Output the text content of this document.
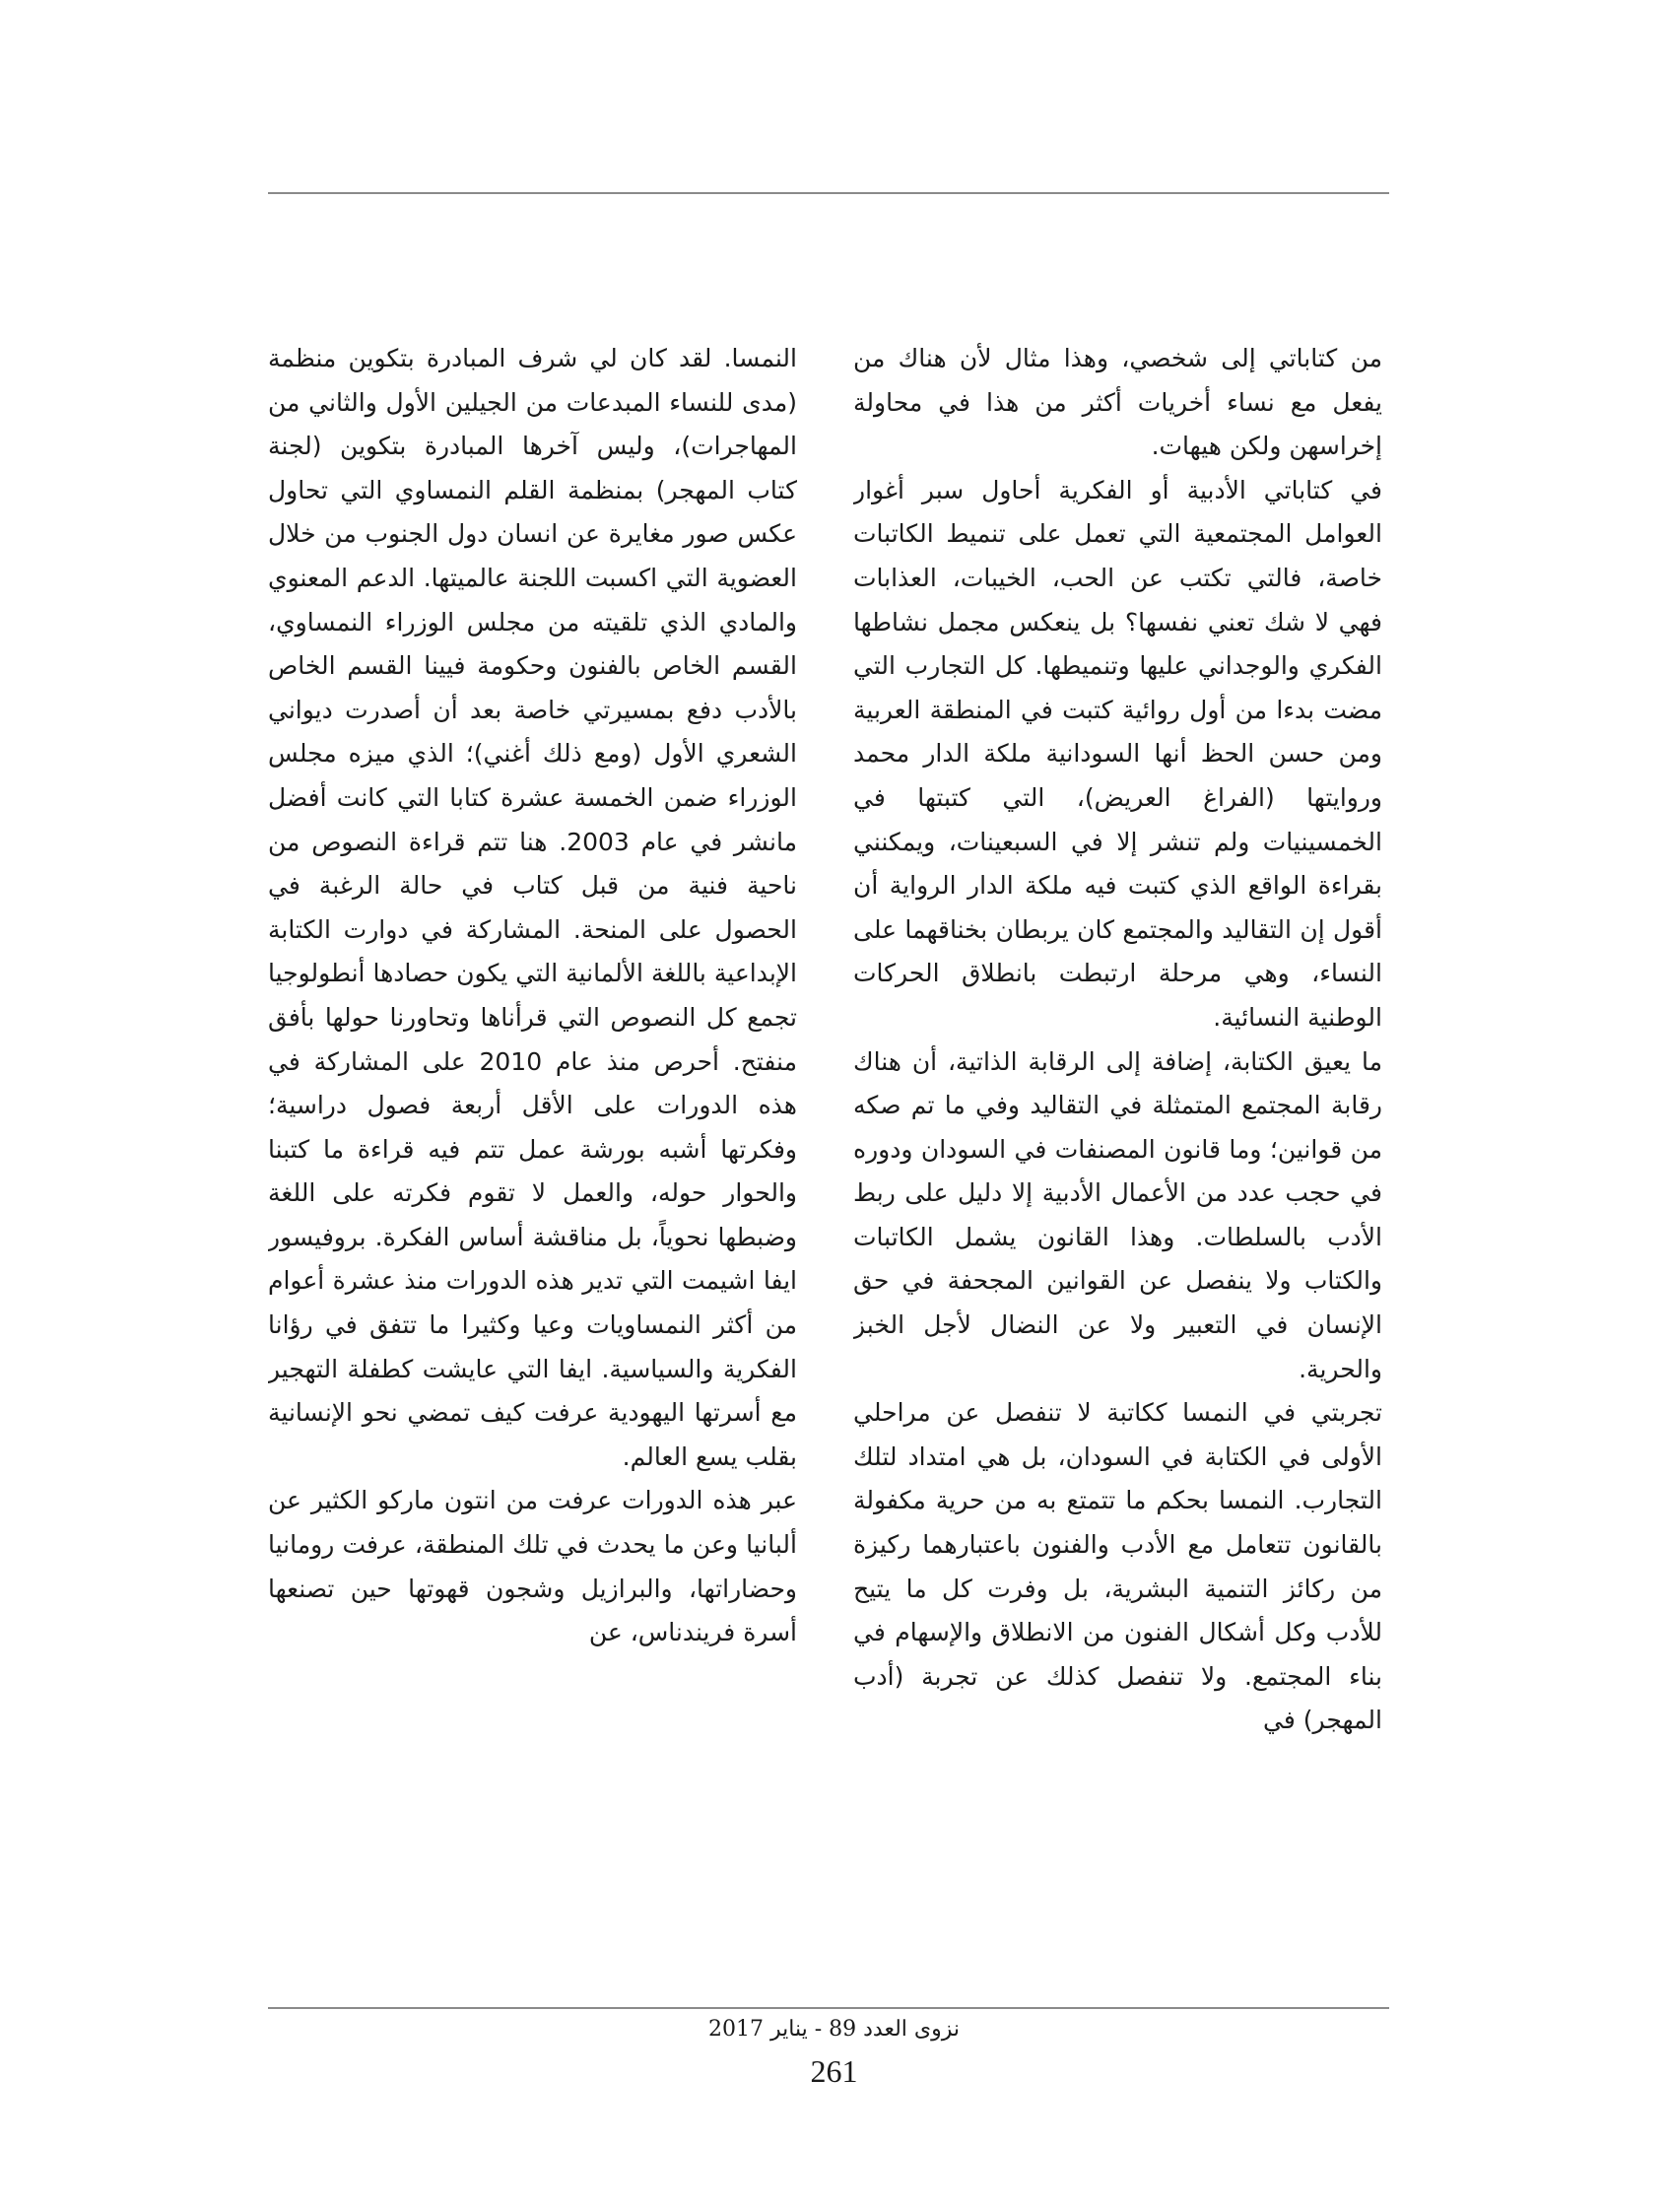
من كتاباتي إلى شخصي، وهذا مثال لأن هناك من يفعل مع نساء أخريات أكثر من هذا في محاولة إخراسهن ولكن هيهات.

في كتاباتي الأدبية أو الفكرية أحاول سبر أغوار العوامل المجتمعية التي تعمل على تنميط الكاتبات خاصة، فالتي تكتب عن الحب، الخيبات، العذابات فهي لا شك تعني نفسها؟ بل ينعكس مجمل نشاطها الفكري والوجداني عليها وتنميطها. كل التجارب التي مضت بدءا من أول روائية كتبت في المنطقة العربية ومن حسن الحظ أنها السودانية ملكة الدار محمد وروايتها (الفراغ العريض)، التي كتبتها في الخمسينيات ولم تنشر إلا في السبعينات، ويمكنني بقراءة الواقع الذي كتبت فيه ملكة الدار الرواية أن أقول إن التقاليد والمجتمع كان يربطان بخناقهما على النساء، وهي مرحلة ارتبطت بانطلاق الحركات الوطنية النسائية.

ما يعيق الكتابة، إضافة إلى الرقابة الذاتية، أن هناك رقابة المجتمع المتمثلة في التقاليد وفي ما تم صكه من قوانين؛ وما قانون المصنفات في السودان ودوره في حجب عدد من الأعمال الأدبية إلا دليل على ربط الأدب بالسلطات. وهذا القانون يشمل الكاتبات والكتاب ولا ينفصل عن القوانين المجحفة في حق الإنسان في التعبير ولا عن النضال لأجل الخبز والحرية.

تجربتي في النمسا ككاتبة لا تنفصل عن مراحلي الأولى في الكتابة في السودان، بل هي امتداد لتلك التجارب. النمسا بحكم ما تتمتع به من حرية مكفولة بالقانون تتعامل مع الأدب والفنون باعتبارهما ركيزة من ركائز التنمية البشرية، بل وفرت كل ما يتيح للأدب وكل أشكال الفنون من الانطلاق والإسهام في بناء المجتمع. ولا تنفصل كذلك عن تجربة (أدب المهجر) في

النمسا. لقد كان لي شرف المبادرة بتكوين منظمة (مدى للنساء المبدعات من الجيلين الأول والثاني من المهاجرات)، وليس آخرها المبادرة بتكوين (لجنة كتاب المهجر) بمنظمة القلم النمساوي التي تحاول عكس صور مغايرة عن انسان دول الجنوب من خلال العضوية التي اكسبت اللجنة عالميتها. الدعم المعنوي والمادي الذي تلقيته من مجلس الوزراء النمساوي، القسم الخاص بالفنون وحكومة فيينا القسم الخاص بالأدب دفع بمسيرتي خاصة بعد أن أصدرت ديواني الشعري الأول (ومع ذلك أغني)؛ الذي ميزه مجلس الوزراء ضمن الخمسة عشرة كتابا التي كانت أفضل مانشر في عام 2003. هنا تتم قراءة النصوص من ناحية فنية من قبل كتاب في حالة الرغبة في الحصول على المنحة. المشاركة في دوارت الكتابة الإبداعية باللغة الألمانية التي يكون حصادها أنطولوجيا تجمع كل النصوص التي قرأناها وتحاورنا حولها بأفق منفتح. أحرص منذ عام 2010 على المشاركة في هذه الدورات على الأقل أربعة فصول دراسية؛ وفكرتها أشبه بورشة عمل تتم فيه قراءة ما كتبنا والحوار حوله، والعمل لا تقوم فكرته على اللغة وضبطها نحوياً، بل مناقشة أساس الفكرة. بروفيسور ايفا اشيمت التي تدير هذه الدورات منذ عشرة أعوام من أكثر النمساويات وعيا وكثيرا ما تتفق في رؤانا الفكرية والسياسية. ايفا التي عايشت كطفلة التهجير مع أسرتها اليهودية عرفت كيف تمضي نحو الإنسانية بقلب يسع العالم.

عبر هذه الدورات عرفت من انتون ماركو الكثير عن ألبانيا وعن ما يحدث في تلك المنطقة، عرفت رومانيا وحضاراتها، والبرازيل وشجون قهوتها حين تصنعها أسرة فريندناس، عن

نزوى العدد 89 - يناير 2017
261
